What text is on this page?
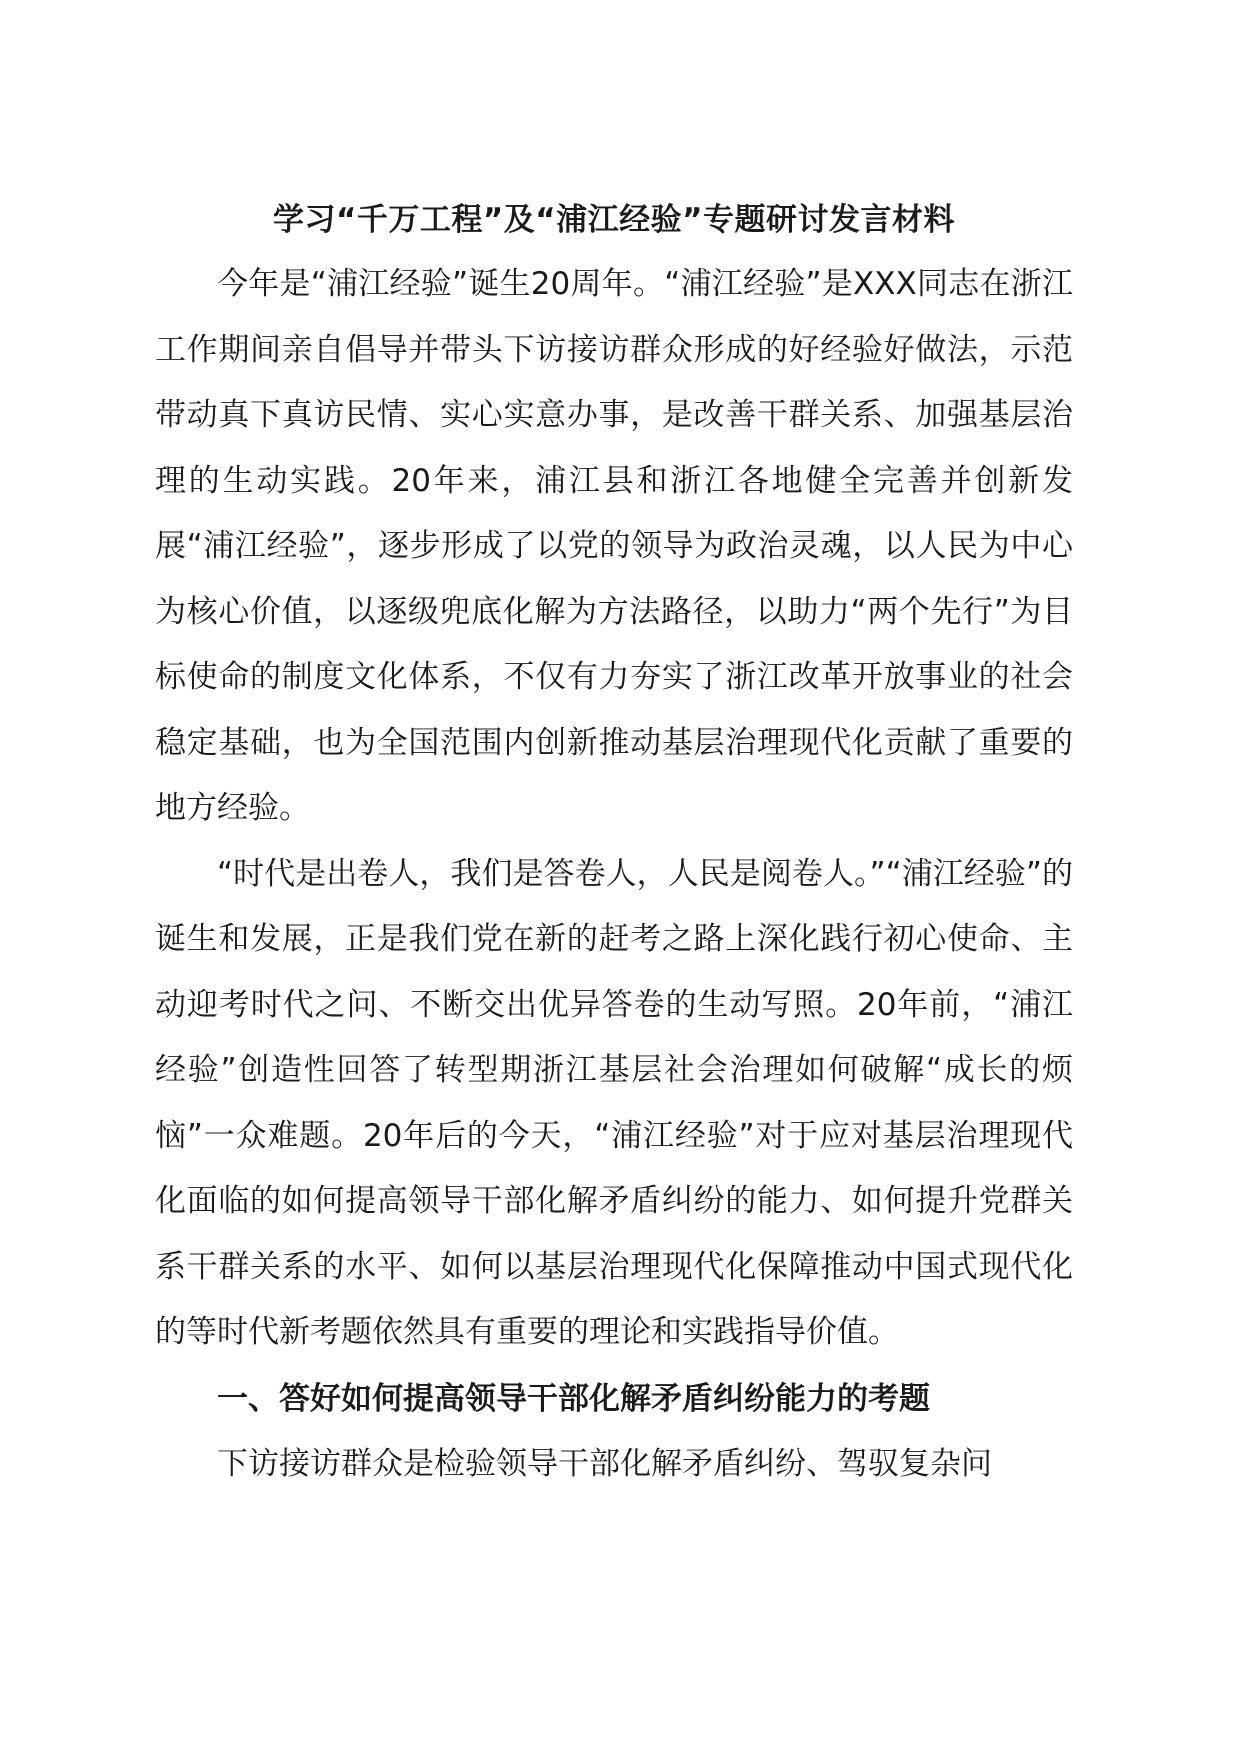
学习“千万工程”及“浦江经验”专题研讨发言材料

今年是“浦江经验”诞生20周年。“浦江经验”是XXX同志在浙江工作期间亲自倡导并带头下访接访群众形成的好经验好做法，示范带动真下真访民情、实心实意办事，是改善干群关系、加强基层治理的生动实践。20年来，浦江县和浙江各地健全完善并创新发展“浦江经验”，逐步形成了以党的领导为政治灵魂，以人民为中心为核心价值，以逐级兜底化解为方法路径，以助力“两个先行”为目标使命的制度文化体系，不仅有力夯实了浙江改革开放事业的社会稳定基础，也为全国范围内创新推动基层治理现代化贡献了重要的地方经验。

“时代是出卷人，我们是答卷人，人民是阅卷人。”“浦江经验”的诞生和发展，正是我们党在新的赶考之路上深化践行初心使命、主动迎考时代之问、不断交出优异答卷的生动写照。20年前，“浦江经验”创造性回答了转型期浙江基层社会治理如何破解“成长的烦恼”一众难题。20年后的今天，“浦江经验”对于应对基层治理现代化面临的如何提高领导干部化解矛盾纠纷的能力、如何提升党群关系干群关系的水平、如何以基层治理现代化保障推动中国式现代化的等时代新考题依然具有重要的理论和实践指导价值。

一、答好如何提高领导干部化解矛盾纠纷能力的考题

下访接访群众是检验领导干部化解矛盾纠纷、驾驭复杂问
